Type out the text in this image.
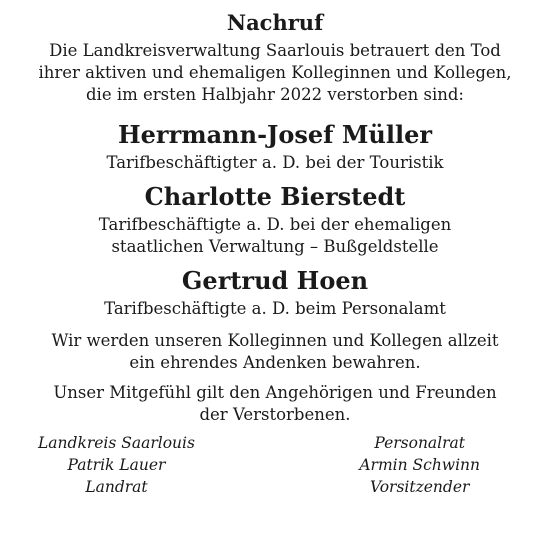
Nachruf

Die Landkreisverwaltung Saarlouis betrauert den Tod
ihrer aktiven und ehemaligen Kolleginnen und Kollegen,
die im ersten Halbjahr 2022 verstorben sind:

Herrmann-Josef Müller

Tarifbeschäftigter a. D. bei der Touristik

Charlotte Bierstedt

Tarifbeschäftigte a. D. bei der ehemaligen
staatlichen Verwaltung – Bußgeldstelle

Gertrud Hoen

Tarifbeschäftigte a. D. beim Personalamt

Wir werden unseren Kolleginnen und Kollegen allzeit
ein ehrendes Andenken bewahren.

Unser Mitgefühl gilt den Angehörigen und Freunden
der Verstorbenen.

Landkreis Saarlouis
Patrik Lauer
Landrat
Personalrat
Armin Schwinn
Vorsitzender
